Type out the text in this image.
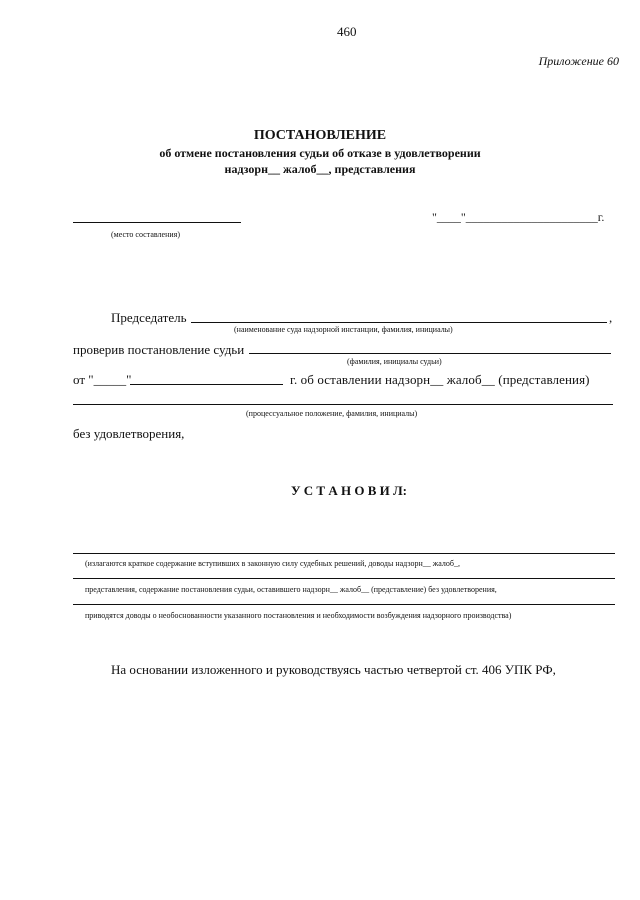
460
Приложение 60
ПОСТАНОВЛЕНИЕ
об отмене постановления судьи об отказе в удовлетворении
надзорн__ жалоб__, представления
(место составления)
"____"______________________г.
Председатель	,
(наименование суда надзорной инстанции, фамилия, инициалы)
проверив постановление судьи
(фамилия, инициалы судьи)
от "_____"	г. об оставлении надзорн__ жалоб__ (представления)
(процессуальное положение, фамилия, инициалы)
без удовлетворения,
У С Т А Н О В И Л:
(излагаются краткое содержание вступивших в законную силу судебных решений, доводы надзорн__ жалоб_,
представления, содержание постановления судьи, оставившего надзорн__ жалоб__ (представление) без удовлетворения,
приводятся доводы о необоснованности указанного постановления и необходимости возбуждения надзорного производства)
На основании изложенного и руководствуясь частью четвертой ст. 406 УПК РФ,
